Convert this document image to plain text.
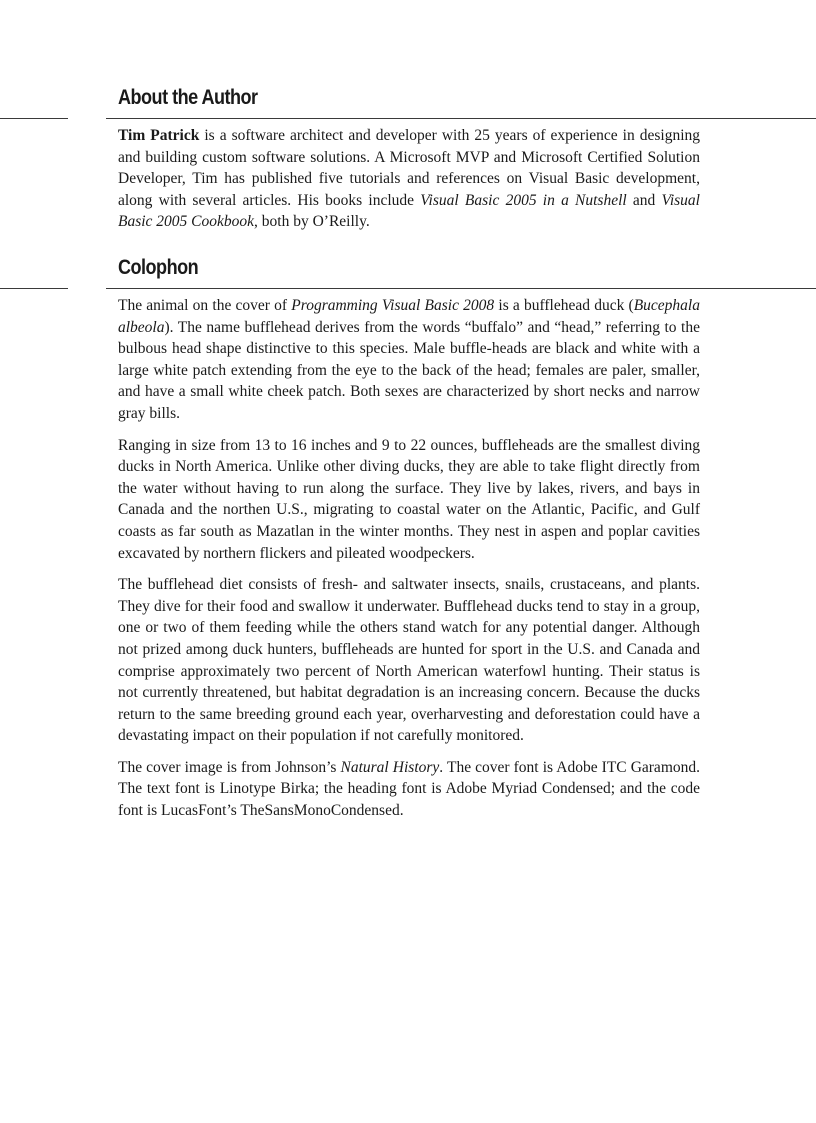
About the Author

Tim Patrick is a software architect and developer with 25 years of experience in designing and building custom software solutions. A Microsoft MVP and Microsoft Certified Solution Developer, Tim has published five tutorials and references on Visual Basic development, along with several articles. His books include Visual Basic 2005 in a Nutshell and Visual Basic 2005 Cookbook, both by O’Reilly.

Colophon

The animal on the cover of Programming Visual Basic 2008 is a bufflehead duck (Bucephala albeola). The name bufflehead derives from the words “buffalo” and “head,” referring to the bulbous head shape distinctive to this species. Male buffle-heads are black and white with a large white patch extending from the eye to the back of the head; females are paler, smaller, and have a small white cheek patch. Both sexes are characterized by short necks and narrow gray bills.

Ranging in size from 13 to 16 inches and 9 to 22 ounces, buffleheads are the smallest diving ducks in North America. Unlike other diving ducks, they are able to take flight directly from the water without having to run along the surface. They live by lakes, rivers, and bays in Canada and the northen U.S., migrating to coastal water on the Atlantic, Pacific, and Gulf coasts as far south as Mazatlan in the winter months. They nest in aspen and poplar cavities excavated by northern flickers and pileated woodpeckers.

The bufflehead diet consists of fresh- and saltwater insects, snails, crustaceans, and plants. They dive for their food and swallow it underwater. Bufflehead ducks tend to stay in a group, one or two of them feeding while the others stand watch for any potential danger. Although not prized among duck hunters, buffleheads are hunted for sport in the U.S. and Canada and comprise approximately two percent of North American waterfowl hunting. Their status is not currently threatened, but habitat degradation is an increasing concern. Because the ducks return to the same breeding ground each year, overharvesting and deforestation could have a devastating impact on their population if not carefully monitored.

The cover image is from Johnson’s Natural History. The cover font is Adobe ITC Garamond. The text font is Linotype Birka; the heading font is Adobe Myriad Condensed; and the code font is LucasFont’s TheSansMonoCondensed.
